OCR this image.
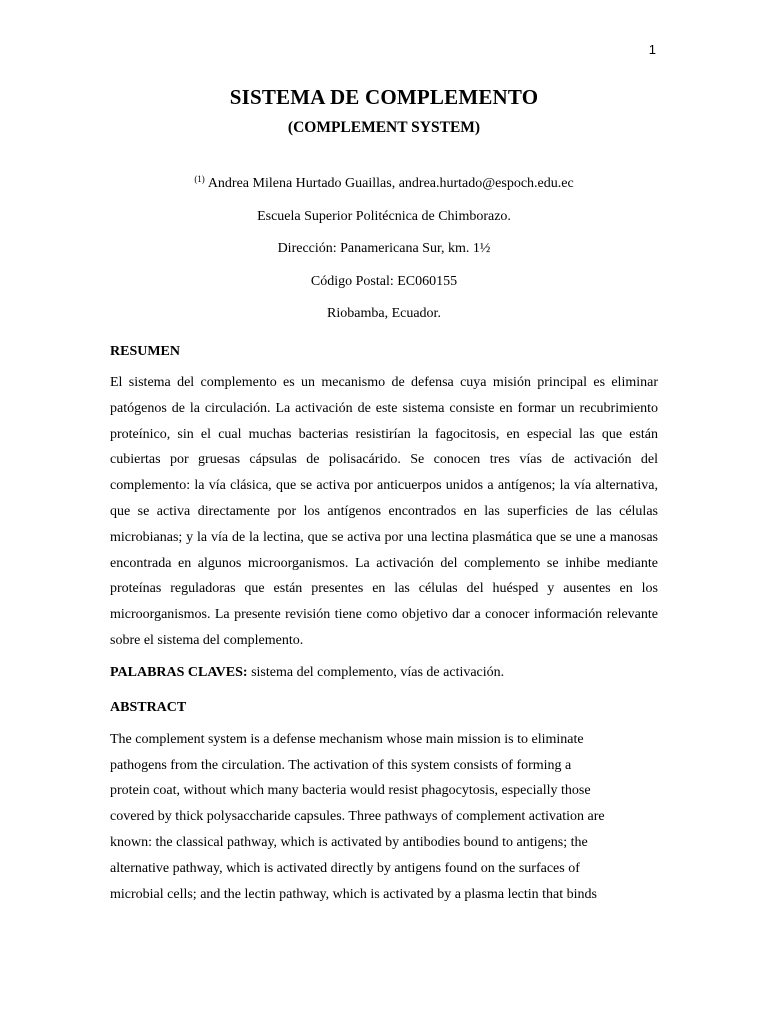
1
SISTEMA DE COMPLEMENTO
(COMPLEMENT SYSTEM)
$^{(1)}$ Andrea Milena Hurtado Guaillas, andrea.hurtado@espoch.edu.ec
Escuela Superior Politécnica de Chimborazo.
Dirección: Panamericana Sur, km. 1½
Código Postal: EC060155
Riobamba, Ecuador.
RESUMEN

El sistema del complemento es un mecanismo de defensa cuya misión principal es eliminar patógenos de la circulación. La activación de este sistema consiste en formar un recubrimiento proteínico, sin el cual muchas bacterias resistirían la fagocitosis, en especial las que están cubiertas por gruesas cápsulas de polisacárido. Se conocen tres vías de activación del complemento: la vía clásica, que se activa por anticuerpos unidos a antígenos; la vía alternativa, que se activa directamente por los antígenos encontrados en las superficies de las células microbianas; y la vía de la lectina, que se activa por una lectina plasmática que se une a manosas encontrada en algunos microorganismos. La activación del complemento se inhibe mediante proteínas reguladoras que están presentes en las células del huésped y ausentes en los microorganismos. La presente revisión tiene como objetivo dar a conocer información relevante sobre el sistema del complemento.

PALABRAS CLAVES: sistema del complemento, vías de activación.

ABSTRACT

The complement system is a defense mechanism whose main mission is to eliminate
pathogens from the circulation. The activation of this system consists of forming a
protein coat, without which many bacteria would resist phagocytosis, especially those
covered by thick polysaccharide capsules. Three pathways of complement activation are
known: the classical pathway, which is activated by antibodies bound to antigens; the
alternative pathway, which is activated directly by antigens found on the surfaces of
microbial cells; and the lectin pathway, which is activated by a plasma lectin that binds
